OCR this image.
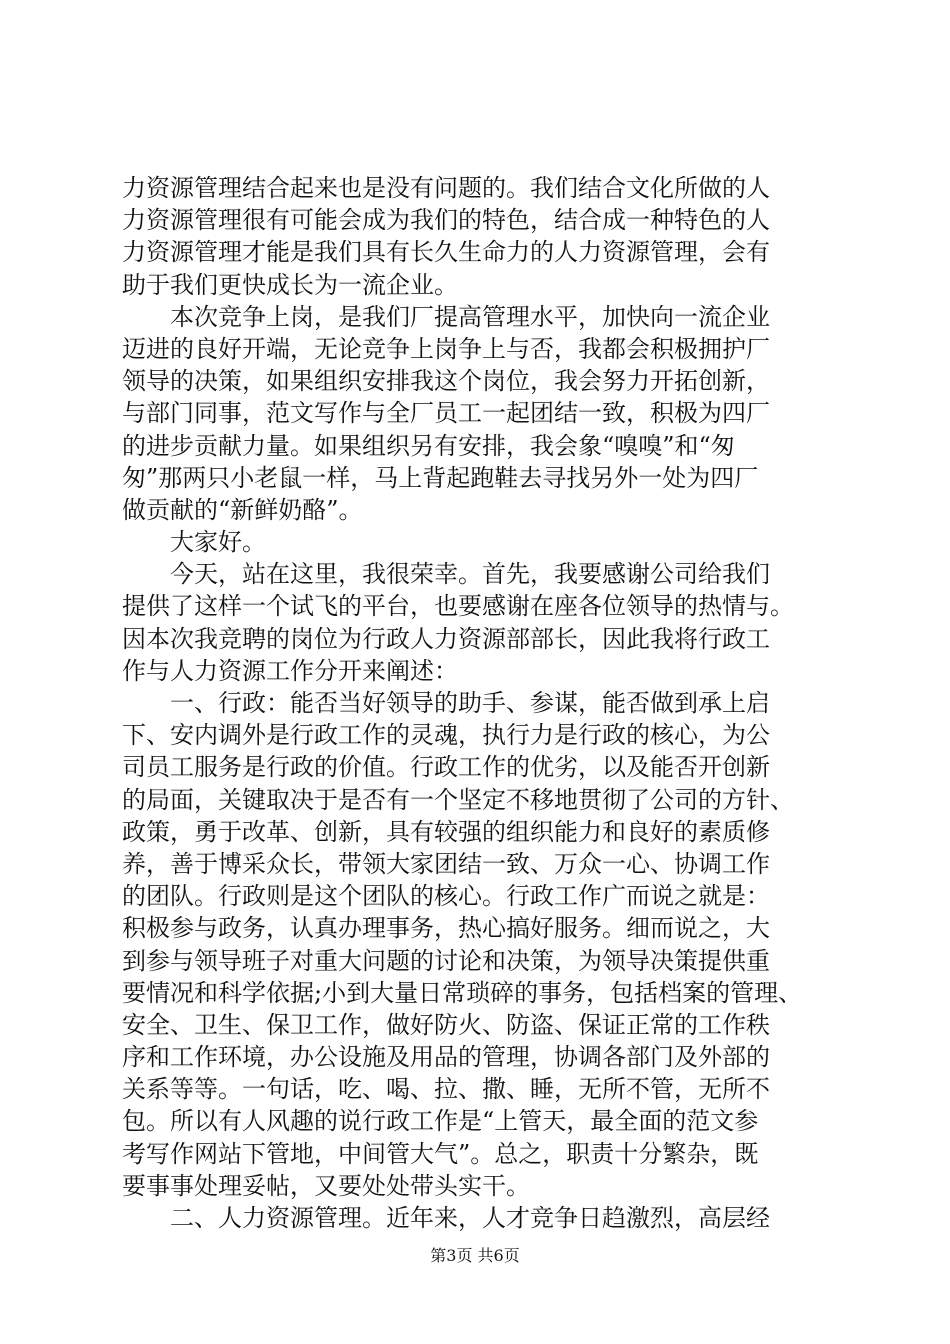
力资源管理结合起来也是没有问题的。我们结合文化所做的人

力资源管理很有可能会成为我们的特色，结合成一种特色的人

力资源管理才能是我们具有长久生命力的人力资源管理，会有

助于我们更快成长为一流企业。

　　本次竞争上岗，是我们厂提高管理水平，加快向一流企业

迈进的良好开端，无论竞争上岗争上与否，我都会积极拥护厂

领导的决策，如果组织安排我这个岗位，我会努力开拓创新，

与部门同事，范文写作与全厂员工一起团结一致，积极为四厂

的进步贡献力量。如果组织另有安排，我会象“嗅嗅”和“匆

匆”那两只小老鼠一样，马上背起跑鞋去寻找另外一处为四厂

做贡献的“新鲜奶酪”。

　　大家好。

　　今天，站在这里，我很荣幸。首先，我要感谢公司给我们

提供了这样一个试飞的平台，也要感谢在座各位领导的热情与。

因本次我竞聘的岗位为行政人力资源部部长，因此我将行政工

作与人力资源工作分开来阐述：

　　一、行政：能否当好领导的助手、参谋，能否做到承上启

下、安内调外是行政工作的灵魂，执行力是行政的核心，为公

司员工服务是行政的价值。行政工作的优劣，以及能否开创新

的局面，关键取决于是否有一个坚定不移地贯彻了公司的方针、

政策，勇于改革、创新，具有较强的组织能力和良好的素质修

养，善于博采众长，带领大家团结一致、万众一心、协调工作

的团队。行政则是这个团队的核心。行政工作广而说之就是：

积极参与政务，认真办理事务，热心搞好服务。细而说之，大

到参与领导班子对重大问题的讨论和决策，为领导决策提供重

要情况和科学依据;小到大量日常琐碎的事务，包括档案的管理、

安全、卫生、保卫工作，做好防火、防盗、保证正常的工作秩

序和工作环境，办公设施及用品的管理，协调各部门及外部的

关系等等。一句话，吃、喝、拉、撒、睡，无所不管，无所不

包。所以有人风趣的说行政工作是“上管天，最全面的范文参

考写作网站下管地，中间管大气”。总之，职责十分繁杂，既

要事事处理妥帖，又要处处带头实干。

　　二、人力资源管理。近年来，人才竞争日趋激烈，高层经

第3页 共6页
